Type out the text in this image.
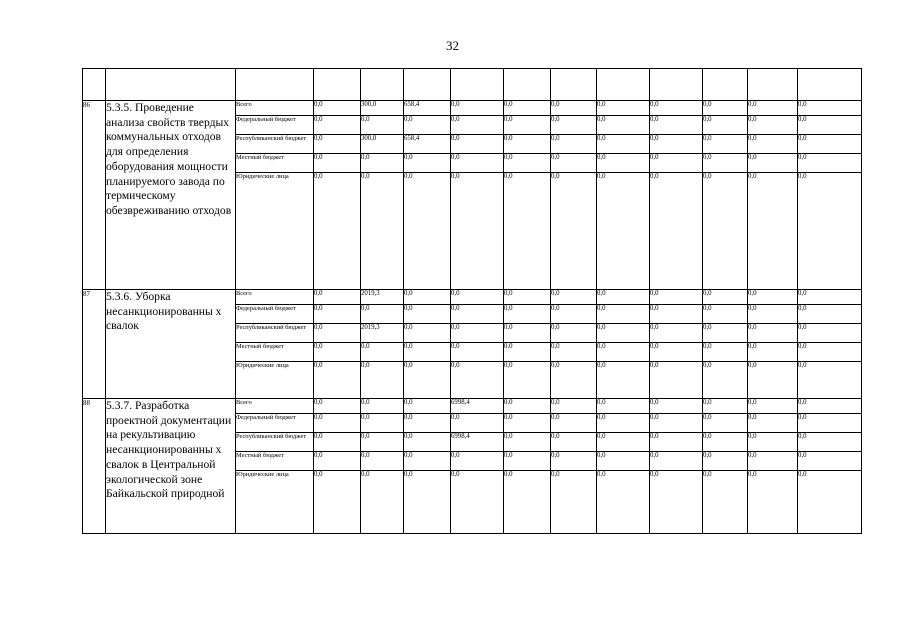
32

86	5.3.5. Проведение анализа свойств твердых коммунальных отходов для определения оборудования мощности планируемого завода по термическому обезвреживанию отходов	Всего	0,0	300,0	658,4	0,0	0,0	0,0	0,0	0,0	0,0	0,0	0,0
		Федеральный бюджет	0,0	0,0	0,0	0,0	0,0	0,0	0,0	0,0	0,0	0,0	0,0
		Республиканский бюджет	0,0	300,0	658,4	0,0	0,0	0,0	0,0	0,0	0,0	0,0	0,0
		Местный бюджет	0,0	0,0	0,0	0,0	0,0	0,0	0,0	0,0	0,0	0,0	0,0
		Юридические лица	0,0	0,0	0,0	0,0	0,0	0,0	0,0	0,0	0,0	0,0	0,0
87	5.3.6. Уборка несанкционированны х свалок	Всего	0,0	2019,3	0,0	0,0	0,0	0,0	0,0	0,0	0,0	0,0	0,0
		Федеральный бюджет	0,0	0,0	0,0	0,0	0,0	0,0	0,0	0,0	0,0	0,0	0,0
		Республиканский бюджет	0,0	2019,3	0,0	0,0	0,0	0,0	0,0	0,0	0,0	0,0	0,0
		Местный бюджет	0,0	0,0	0,0	0,0	0,0	0,0	0,0	0,0	0,0	0,0	0,0
		Юридические лица	0,0	0,0	0,0	0,0	0,0	0,0	0,0	0,0	0,0	0,0	0,0
88	5.3.7. Разработка проектной документации на рекультивацию несанкционированны х свалок в Центральной экологической зоне Байкальской природной	Всего	0,0	0,0	0,0	6998,4	0,0	0,0	0,0	0,0	0,0	0,0	0,0
		Федеральный бюджет	0,0	0,0	0,0	0,0	0,0	0,0	0,0	0,0	0,0	0,0	0,0
		Республиканский бюджет	0,0	0,0	0,0	6998,4	0,0	0,0	0,0	0,0	0,0	0,0	0,0
		Местный бюджет	0,0	0,0	0,0	0,0	0,0	0,0	0,0	0,0	0,0	0,0	0,0
		Юридические лица	0,0	0,0	0,0	0,0	0,0	0,0	0,0	0,0	0,0	0,0	0,0
